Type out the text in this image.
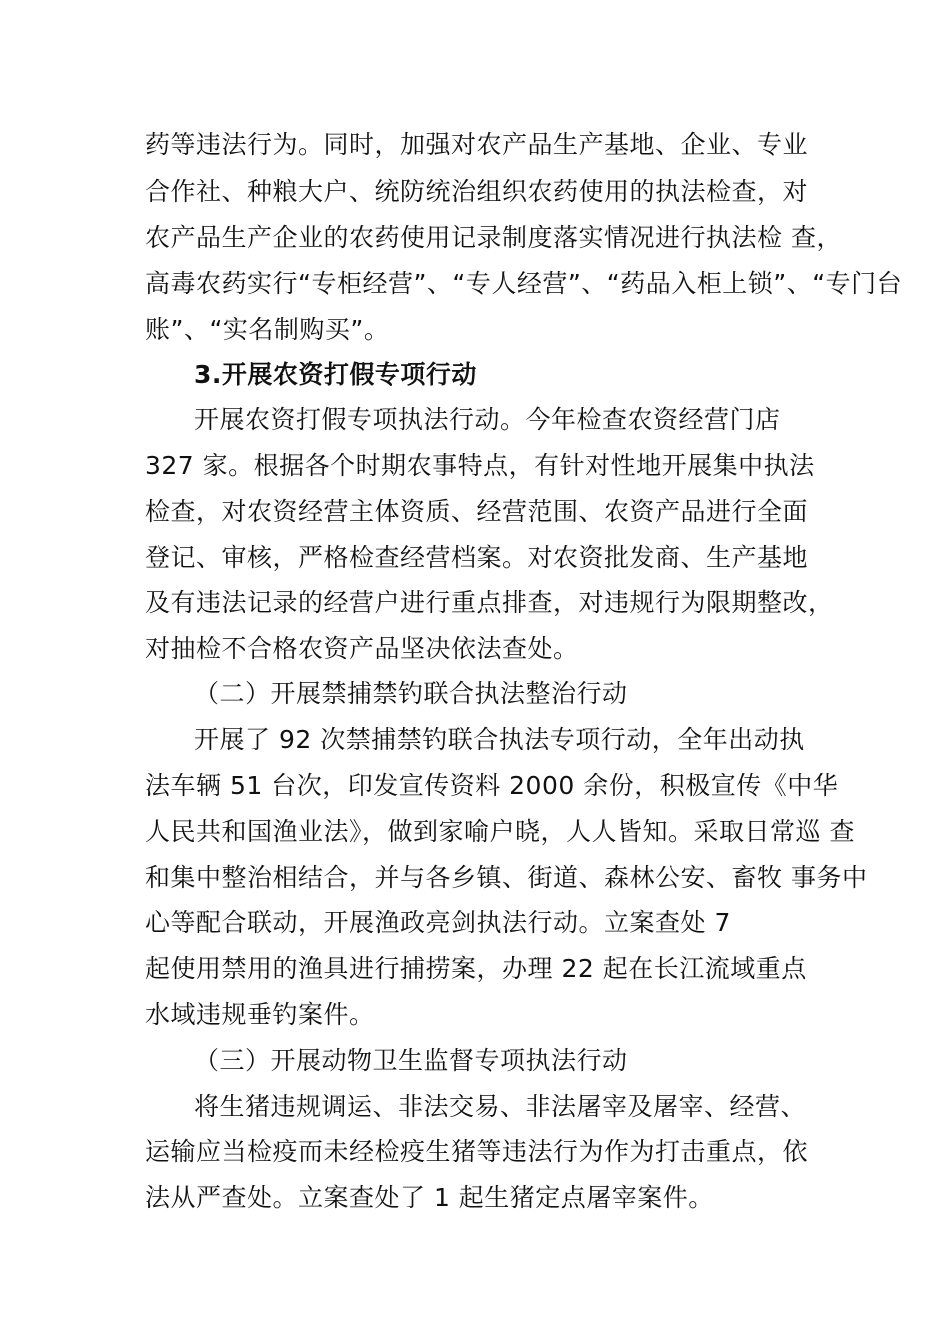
药等违法行为。同时，加强对农产品生产基地、企业、专业
合作社、种粮大户、统防统治组织农药使用的执法检查，对
农产品生产企业的农药使用记录制度落实情况进行执法检 查，
高毒农药实行“专柜经营”、“专人经营”、“药品入柜上锁”、“专门台
账”、“实名制购买”。
3.开展农资打假专项行动
开展农资打假专项执法行动。今年检查农资经营门店
327 家。根据各个时期农事特点，有针对性地开展集中执法
检查，对农资经营主体资质、经营范围、农资产品进行全面
登记、审核，严格检查经营档案。对农资批发商、生产基地
及有违法记录的经营户进行重点排查，对违规行为限期整改，
对抽检不合格农资产品坚决依法查处。
（二）开展禁捕禁钓联合执法整治行动
开展了 92 次禁捕禁钓联合执法专项行动，全年出动执
法车辆 51 台次，印发宣传资料 2000 余份，积极宣传《中华
人民共和国渔业法》，做到家喻户晓，人人皆知。采取日常巡 查
和集中整治相结合，并与各乡镇、街道、森林公安、畜牧 事务中
心等配合联动，开展渔政亮剑执法行动。立案查处 7
起使用禁用的渔具进行捕捞案，办理 22 起在长江流域重点
水域违规垂钓案件。
（三）开展动物卫生监督专项执法行动
将生猪违规调运、非法交易、非法屠宰及屠宰、经营、
运输应当检疫而未经检疫生猪等违法行为作为打击重点，依
法从严查处。立案查处了 1 起生猪定点屠宰案件。
